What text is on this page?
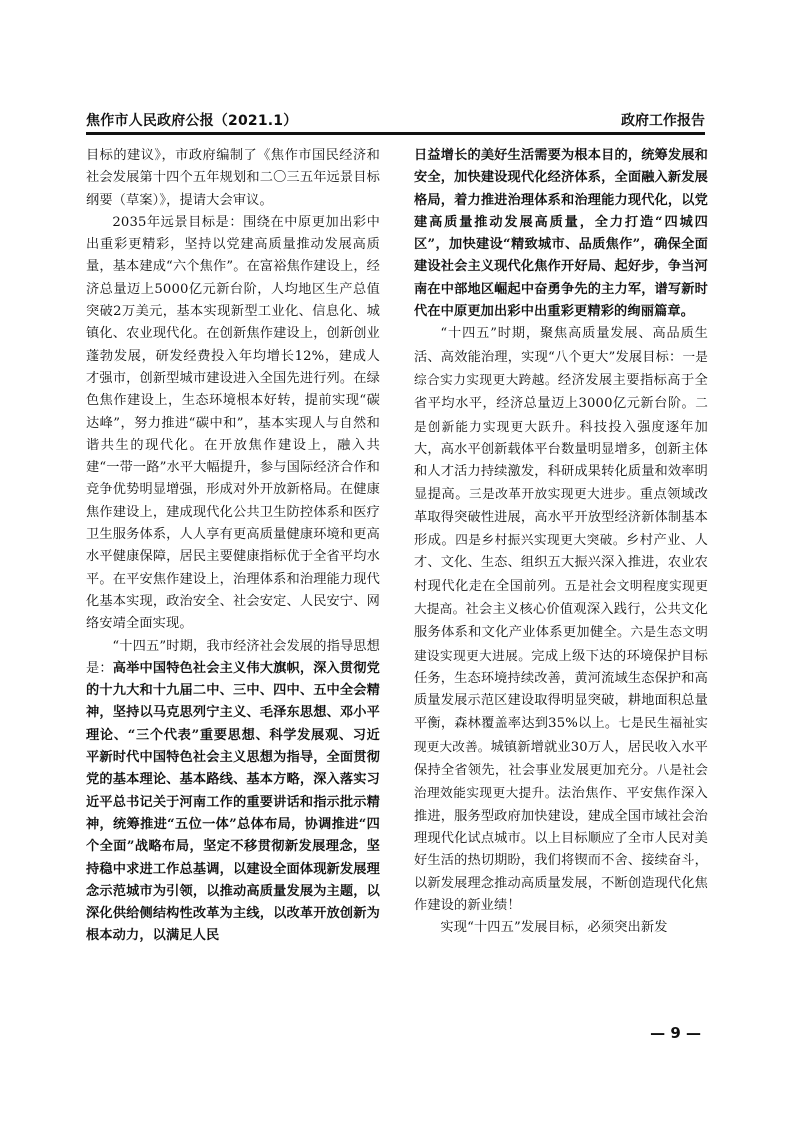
焦作市人民政府公报（2021.1）	政府工作报告

目标的建议》，市政府编制了《焦作市国民经济和社会发展第十四个五年规划和二〇三五年远景目标纲要（草案）》，提请大会审议。

2035年远景目标是：围绕在中原更加出彩中出重彩更精彩，坚持以党建高质量推动发展高质量，基本建成“六个焦作”。在富裕焦作建设上，经济总量迈上5000亿元新台阶，人均地区生产总值突破2万美元，基本实现新型工业化、信息化、城镇化、农业现代化。在创新焦作建设上，创新创业蓬勃发展，研发经费投入年均增长12%，建成人才强市，创新型城市建设进入全国先进行列。在绿色焦作建设上，生态环境根本好转，提前实现“碳达峰”，努力推进“碳中和”，基本实现人与自然和谐共生的现代化。在开放焦作建设上，融入共建“一带一路”水平大幅提升，参与国际经济合作和竞争优势明显增强，形成对外开放新格局。在健康焦作建设上，建成现代化公共卫生防控体系和医疗卫生服务体系，人人享有更高质量健康环境和更高水平健康保障，居民主要健康指标优于全省平均水平。在平安焦作建设上，治理体系和治理能力现代化基本实现，政治安全、社会安定、人民安宁、网络安靖全面实现。

“十四五”时期，我市经济社会发展的指导思想是：高举中国特色社会主义伟大旗帜，深入贯彻党的十九大和十九届二中、三中、四中、五中全会精神，坚持以马克思列宁主义、毛泽东思想、邓小平理论、“三个代表”重要思想、科学发展观、习近平新时代中国特色社会主义思想为指导，全面贯彻党的基本理论、基本路线、基本方略，深入落实习近平总书记关于河南工作的重要讲话和指示批示精神，统筹推进“五位一体”总体布局，协调推进“四个全面”战略布局，坚定不移贯彻新发展理念，坚持稳中求进工作总基调，以建设全面体现新发展理念示范城市为引领，以推动高质量发展为主题，以深化供给侧结构性改革为主线，以改革开放创新为根本动力，以满足人民

日益增长的美好生活需要为根本目的，统筹发展和安全，加快建设现代化经济体系，全面融入新发展格局，着力推进治理体系和治理能力现代化，以党建高质量推动发展高质量，全力打造“四城四区”，加快建设“精致城市、品质焦作”，确保全面建设社会主义现代化焦作开好局、起好步，争当河南在中部地区崛起中奋勇争先的主力军，谱写新时代在中原更加出彩中出重彩更精彩的绚丽篇章。

“十四五”时期，聚焦高质量发展、高品质生活、高效能治理，实现“八个更大”发展目标：一是综合实力实现更大跨越。经济发展主要指标高于全省平均水平，经济总量迈上3000亿元新台阶。二是创新能力实现更大跃升。科技投入强度逐年加大，高水平创新载体平台数量明显增多，创新主体和人才活力持续激发，科研成果转化质量和效率明显提高。三是改革开放实现更大进步。重点领域改革取得突破性进展，高水平开放型经济新体制基本形成。四是乡村振兴实现更大突破。乡村产业、人才、文化、生态、组织五大振兴深入推进，农业农村现代化走在全国前列。五是社会文明程度实现更大提高。社会主义核心价值观深入践行，公共文化服务体系和文化产业体系更加健全。六是生态文明建设实现更大进展。完成上级下达的环境保护目标任务，生态环境持续改善，黄河流域生态保护和高质量发展示范区建设取得明显突破，耕地面积总量平衡，森林覆盖率达到35%以上。七是民生福祉实现更大改善。城镇新增就业30万人，居民收入水平保持全省领先，社会事业发展更加充分。八是社会治理效能实现更大提升。法治焦作、平安焦作深入推进，服务型政府加快建设，建成全国市域社会治理现代化试点城市。以上目标顺应了全市人民对美好生活的热切期盼，我们将锲而不舍、接续奋斗，以新发展理念推动高质量发展，不断创造现代化焦作建设的新业绩！

实现“十四五”发展目标，必须突出新发

— 9 —
